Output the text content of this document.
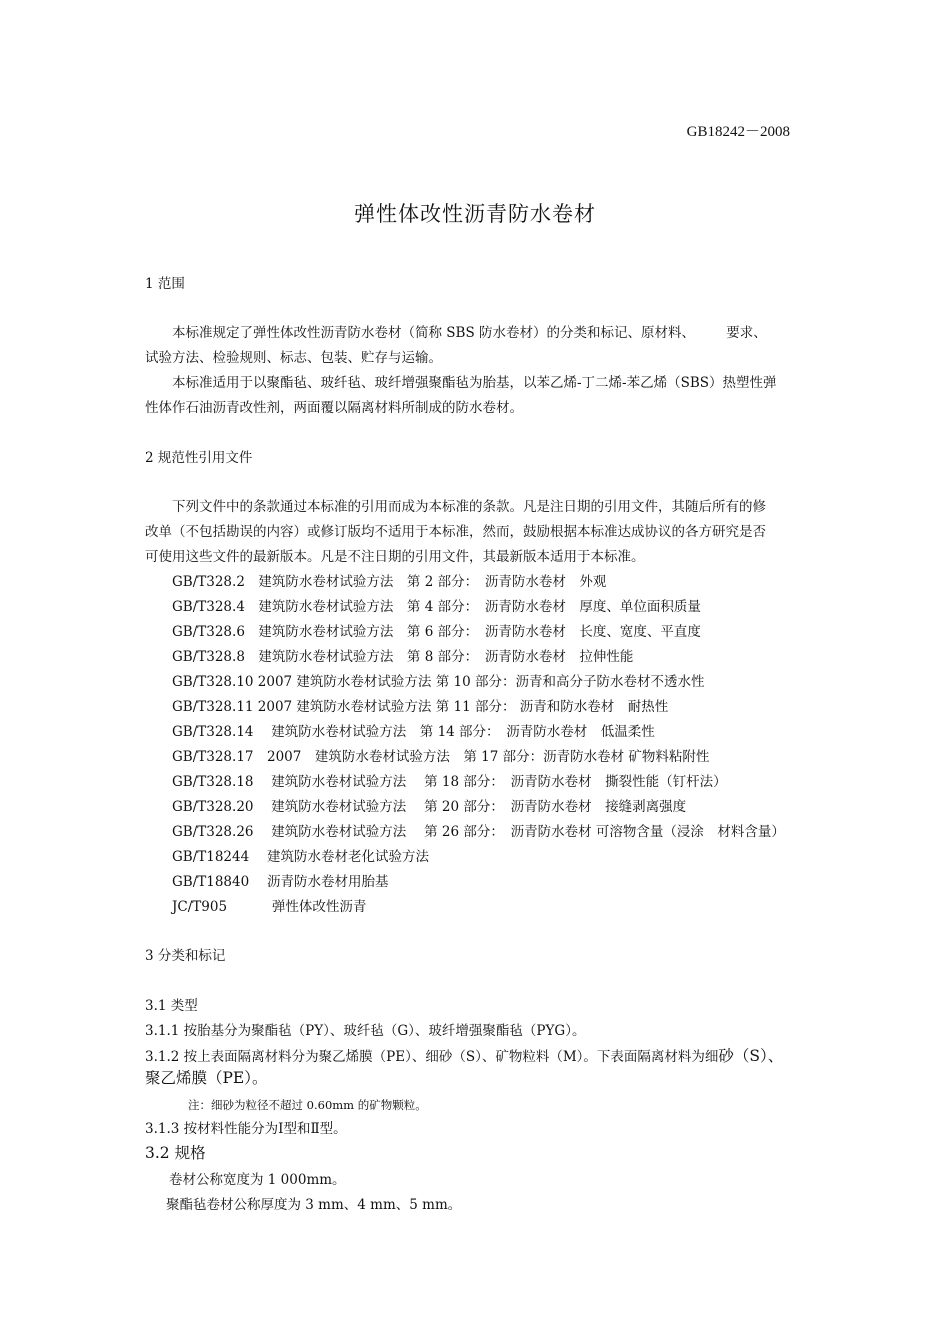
GB18242－2008
弹性体改性沥青防水卷材
1 范围
本标准规定了弹性体改性沥青防水卷材（简称 SBS 防水卷材）的分类和标记、原材料、 　　要求、
试验方法、检验规则、标志、包装、贮存与运输。
本标准适用于以聚酯毡、玻纤毡、玻纤增强聚酯毡为胎基，以苯乙烯-丁二烯-苯乙烯（SBS）热塑性弹
性体作石油沥青改性剂，两面覆以隔离材料所制成的防水卷材。
2 规范性引用文件
下列文件中的条款通过本标准的引用而成为本标准的条款。凡是注日期的引用文件，其随后所有的修
改单（不包括勘误的内容）或修订版均不适用于本标准，然而，鼓励根据本标准达成协议的各方研究是否
可使用这些文件的最新版本。凡是不注日期的引用文件，其最新版本适用于本标准。
GB/T328.2　建筑防水卷材试验方法　第 2 部分：　沥青防水卷材　外观
GB/T328.4　建筑防水卷材试验方法　第 4 部分：　沥青防水卷材　厚度、单位面积质量
GB/T328.6　建筑防水卷材试验方法　第 6 部分：　沥青防水卷材　长度、宽度、平直度
GB/T328.8　建筑防水卷材试验方法　第 8 部分：　沥青防水卷材　拉伸性能
GB/T328.10 2007 建筑防水卷材试验方法 第 10 部分：沥青和高分子防水卷材不透水性
GB/T328.11 2007 建筑防水卷材试验方法 第 11 部分： 沥青和防水卷材　耐热性
GB/T328.14　 建筑防水卷材试验方法　第 14 部分：　沥青防水卷材　低温柔性
GB/T328.17　2007　建筑防水卷材试验方法　第 17 部分：沥青防水卷材 矿物料粘附性
GB/T328.18　 建筑防水卷材试验方法　 第 18 部分：　沥青防水卷材　撕裂性能（钉杆法）
GB/T328.20　 建筑防水卷材试验方法　 第 20 部分：　沥青防水卷材　接缝剥离强度
GB/T328.26　 建筑防水卷材试验方法　 第 26 部分：　沥青防水卷材 可溶物含量（浸涂　材料含量）
GB/T18244　 建筑防水卷材老化试验方法
GB/T18840　 沥青防水卷材用胎基
JC/T905　　　 弹性体改性沥青
3 分类和标记
3.1 类型
3.1.1 按胎基分为聚酯毡（PY）、玻纤毡（G）、玻纤增强聚酯毡（PYG）。
3.1.2 按上表面隔离材料分为聚乙烯膜（PE）、细砂（S）、矿物粒料（M）。下表面隔离材料为细砂（S）、
聚乙烯膜（PE）。
注：细砂为粒径不超过 0.60mm 的矿物颗粒。
3.1.3 按材料性能分为Ⅰ型和Ⅱ型。
3.2 规格
卷材公称宽度为 1 000mm。
聚酯毡卷材公称厚度为 3 mm、4 mm、5 mm。
